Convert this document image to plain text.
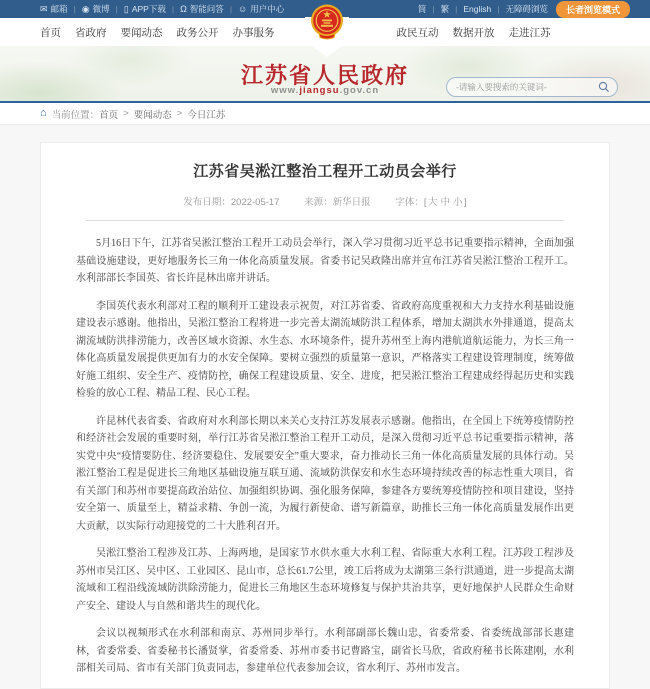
✉ 邮箱 | ◉ 微博 | ▯ APP下载 | Ω 智能问答 | ☺ 用户中心	简 | 繁 | English | 无障碍浏览	长者浏览模式
首页 省政府 要闻动态 政务公开 办事服务	政民互动 数据开放 走进江苏
江苏省人民政府
www.jiangsu.gov.cn
-请输入要搜索的关键词-
⌂ 当前位置： 首页 > 要闻动态 > 今日江苏
江苏省吴淞江整治工程开工动员会举行
发布日期：2022-05-17	来源：新华日报	字体：[ 大 中 小 ]

5月16日下午，江苏省吴淞江整治工程开工动员会举行，深入学习贯彻习近平总书记重要指示精神，全面加强基础设施建设，更好地服务长三角一体化高质量发展。省委书记吴政隆出席并宣布江苏省吴淞江整治工程开工。水利部部长李国英、省长许昆林出席并讲话。

李国英代表水利部对工程的顺利开工建设表示祝贺，对江苏省委、省政府高度重视和大力支持水利基础设施建设表示感谢。他指出，吴淞江整治工程将进一步完善太湖流域防洪工程体系，增加太湖洪水外排通道，提高太湖流域防洪排涝能力，改善区域水资源、水生态、水环境条件，提升苏州至上海内港航道航运能力，为长三角一体化高质量发展提供更加有力的水安全保障。要树立强烈的质量第一意识，严格落实工程建设管理制度，统筹做好施工组织、安全生产、疫情防控，确保工程建设质量、安全、进度，把吴淞江整治工程建成经得起历史和实践检验的放心工程、精品工程、民心工程。

许昆林代表省委、省政府对水利部长期以来关心支持江苏发展表示感谢。他指出，在全国上下统筹疫情防控和经济社会发展的重要时刻，举行江苏省吴淞江整治工程开工动员，是深入贯彻习近平总书记重要指示精神，落实党中央“疫情要防住、经济要稳住、发展要安全”重大要求，奋力推动长三角一体化高质量发展的具体行动。吴淞江整治工程是促进长三角地区基础设施互联互通、流域防洪保安和水生态环境持续改善的标志性重大项目，省有关部门和苏州市要提高政治站位、加强组织协调、强化服务保障，参建各方要统筹疫情防控和项目建设，坚持安全第一、质量至上，精益求精、争创一流，为履行新使命、谱写新篇章，助推长三角一体化高质量发展作出更大贡献，以实际行动迎接党的二十大胜利召开。

吴淞江整治工程涉及江苏、上海两地，是国家节水供水重大水利工程、省际重大水利工程。江苏段工程涉及苏州市吴江区、吴中区、工业园区、昆山市，总长61.7公里，竣工后将成为太湖第三条行洪通道，进一步提高太湖流域和工程沿线流域防洪除涝能力，促进长三角地区生态环境修复与保护共治共享，更好地保护人民群众生命财产安全、建设人与自然和谐共生的现代化。

会议以视频形式在水利部和南京、苏州同步举行。水利部副部长魏山忠，省委常委、省委统战部部长惠建林，省委常委、省委秘书长潘贤掌，省委常委、苏州市委书记曹路宝，副省长马欣，省政府秘书长陈建刚，水利部相关司局、省市有关部门负责同志，参建单位代表参加会议，省水利厅、苏州市发言。
